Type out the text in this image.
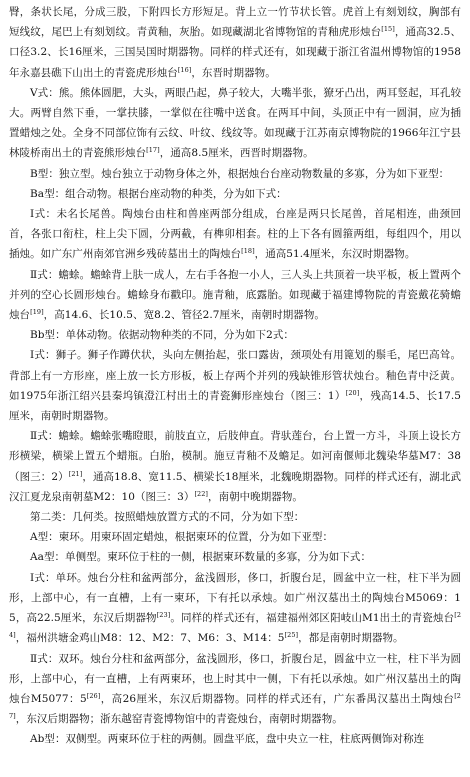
臀，条状长尾，分成三股，下附四长方形短足。背上立一竹节状长管。虎首上有刻划纹，胸部有短线纹，尾巴上有刻划纹。青黄釉，灰胎。如现藏湖北省博物馆的青釉虎形烛台[15]，通高32.5、口径3.2、长16厘米，三国吴国时期器物。同样的样式还有，如现藏于浙江省温州博物馆的1958年永嘉县礁下山出土的青瓷虎形烛台[16]，东晋时期器物。

Ⅴ式：熊。熊体圆肥，大头，两眼凸起，鼻子较大，大嘴半张，獠牙凸出，两耳竖起，耳孔较大。两臂自然下垂，一掌扶膝，一掌似在往嘴中送食。在两耳中间，头顶正中有一圆洞，应为插置蜡烛之处。全身不同部位饰有云纹、叶纹、线纹等。如现藏于江苏南京博物院的1966年江宁县林陵桥南出土的青瓷熊形烛台[17]，通高8.5厘米，西晋时期器物。

B型：独立型。烛台独立于动物身体之外，根据烛台台座动物数量的多寡，分为如下亚型：

Ba型：组合动物。根据台座动物的种类，分为如下式：

Ⅰ式：未名长尾兽。陶烛台由柱和兽座两部分组成，台座是两只长尾兽，首尾相连，曲颈回首，各张口衔柱，柱上尖下圆，分两截，有榫卯相套。柱的上下各有圆箍两组，每组四个，用以插烛。如广东广州南郊官洲乡残砖墓出土的陶烛台[18]，通高51.4厘米，东汉时期器物。

Ⅱ式：蟾蜍。蟾蜍背上肤一成人，左右手各抱一小人，三人头上共顶着一块平板，板上置两个并列的空心长圆形烛台。蟾蜍身布戳印。施青釉，底露胎。如现藏于福建博物院的青瓷戴花骑蟾烛台[19]，高14.6、长10.5、宽8.2、管径2.7厘米，南朝时期器物。

Bb型：单体动物。依据动物种类的不同，分为如下2式：

Ⅰ式：狮子。狮子作蹲伏状，头向左侧抬起，张口露齿，颈项处有用篦划的鬃毛，尾巴高耸。背部上有一方形座，座上放一长方形板，板上存两个并列的残缺锥形管状烛台。釉色青中泛黄。如1975年浙江绍兴县秦坞镇澄江村出土的青瓷狮形座烛台（图三：1）[20]，残高14.5、长17.5厘米，南朝时期器物。

Ⅱ式：蟾蜍。蟾蜍张嘴瞪眼，前肢直立，后肢伸直。背驮莲台，台上置一方斗，斗顶上设长方形横梁，横梁上置五个蜡瓶。白胎，模制。施豆青釉不及蟾足。如河南偃师北魏染华墓M7：38（图三：2）[21]，通高18.8、宽11.5、横梁长18厘米，北魏晚期器物。同样的样式还有，湖北武汉江夏龙泉南朝墓M2：10（图三：3）[22]，南朝中晚期器物。

第二类：几何类。按照蜡烛放置方式的不同，分为如下型：

A型：柬环。用柬环固定蜡烛，根据柬环的位置，分为如下亚型：

Aa型：单侧型。柬环位于柱的一侧，根据柬环数量的多寡，分为如下式：

Ⅰ式：单环。烛台分柱和盆两部分，盆浅圆形，侈口，折腹台足，圆盆中立一柱，柱下半为圆形，上部中心，有一直槽，上有一柬环，下有托以承烛。如广州汉墓出土的陶烛台M5069：15，高22.5厘米，东汉后期器物[23]。同样的样式还有，福建福州郊区阳岐山M1出土的青瓷烛台[24]，福州洪塘金鸡山M8：12、M2：7、M6：3、M14：5[25]，都是南朝时期器物。

Ⅱ式：双环。烛台分柱和盆两部分，盆浅圆形，侈口，折腹台足，圆盆中立一柱，柱下半为圆形，上部中心，有一直槽，上有两柬环，也上时其中一侧，下有托以承烛。如广州汉墓出土的陶烛台M5077：5[26]，高26厘米，东汉后期器物。同样的样式还有，广东番禺汉墓出土陶烛台[27]，东汉后期器物；浙东越窑青瓷博物馆中的青瓷烛台，南朝时期器物。

Ab型：双侧型。两柬环位于柱的两侧。圆盘平底，盘中央立一柱，柱底两侧饰对称连
